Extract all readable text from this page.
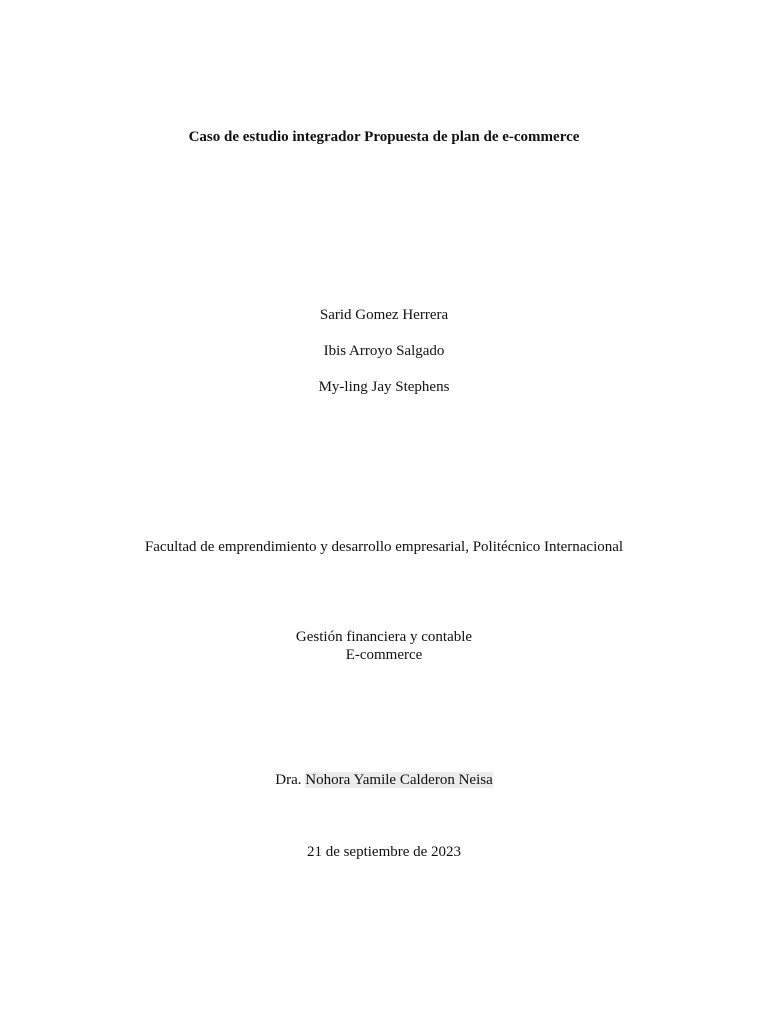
Caso de estudio integrador Propuesta de plan de e-commerce
Sarid Gomez Herrera
Ibis Arroyo Salgado
My-ling Jay Stephens
Facultad de emprendimiento y desarrollo empresarial, Politécnico Internacional
Gestión financiera y contable
E-commerce
Dra. Nohora Yamile Calderon Neisa
21 de septiembre de 2023
